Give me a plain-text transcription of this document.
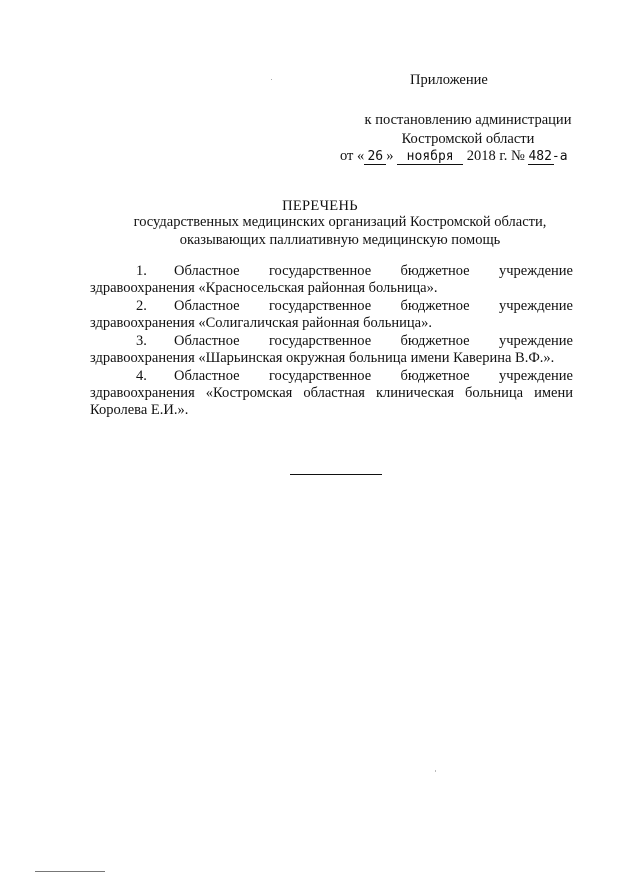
Приложение
к постановлению администрации
Костромской области
от « 26 » ноября 2018 г. № 482-а
ПЕРЕЧЕНЬ
государственных медицинских организаций Костромской области,
оказывающих паллиативную медицинскую помощь
1. Областное государственное бюджетное учреждение
здравоохранения «Красносельская районная больница».
2. Областное государственное бюджетное учреждение
здравоохранения «Солигаличская районная больница».
3. Областное государственное бюджетное учреждение
здравоохранения «Шарьинская окружная больница имени Каверина В.Ф.».
4. Областное государственное бюджетное учреждение
здравоохранения «Костромская областная клиническая больница имени
Королева Е.И.».
